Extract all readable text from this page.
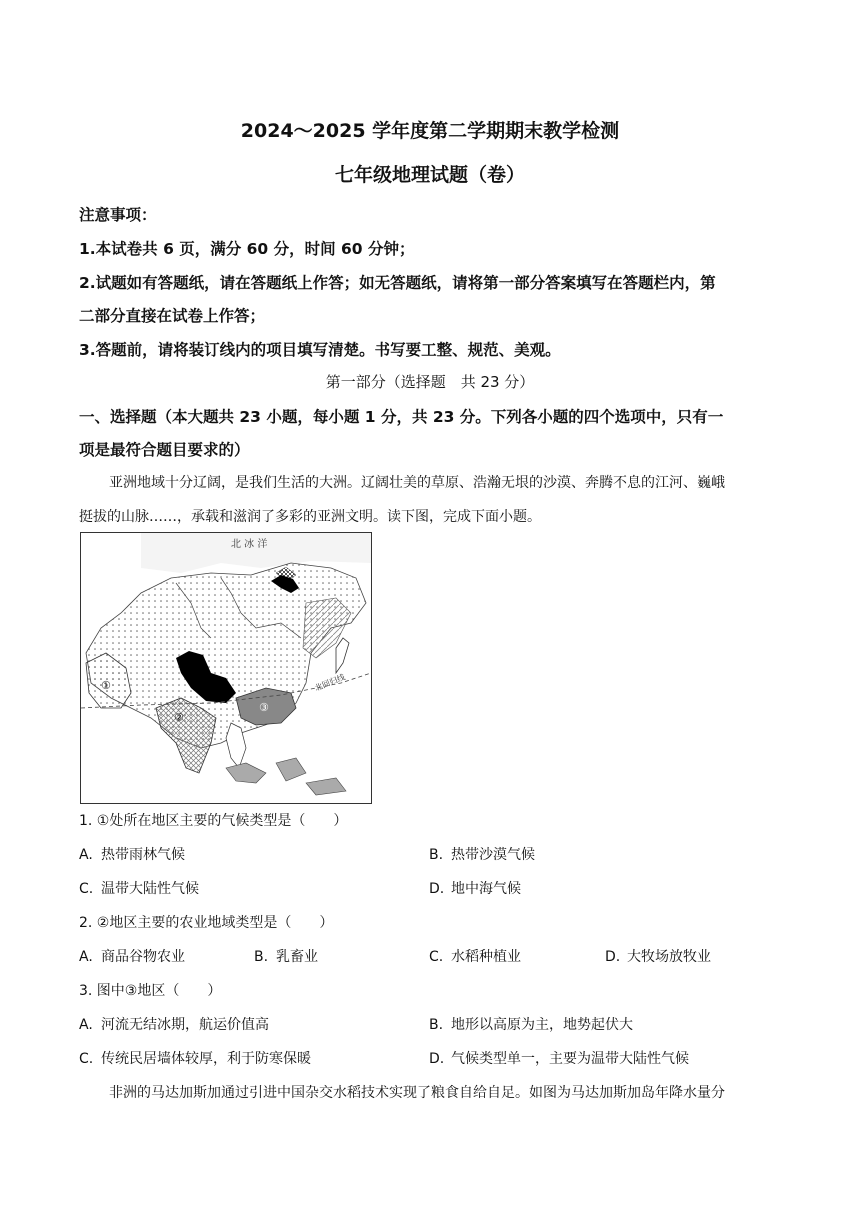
2024～2025 学年度第二学期期末教学检测
七年级地理试题（卷）
注意事项：
1.本试卷共 6 页，满分 60 分，时间 60 分钟；
2.试题如有答题纸，请在答题纸上作答；如无答题纸，请将第一部分答案填写在答题栏内，第
二部分直接在试卷上作答；
3.答题前，请将装订线内的项目填写清楚。书写要工整、规范、美观。
第一部分（选择题　共 23 分）
一、选择题（本大题共 23 小题，每小题 1 分，共 23 分。下列各小题的四个选项中，只有一
项是最符合题目要求的）
亚洲地域十分辽阔，是我们生活的大洲。辽阔壮美的草原、浩瀚无垠的沙漠、奔腾不息的江河、巍峨
挺拔的山脉……，承载和滋润了多彩的亚洲文明。读下图，完成下面小题。
北 冰 洋
北回归线
①
②
③
1. ①处所在地区主要的气候类型是（　　）
A. 热带雨林气候	B. 热带沙漠气候
C. 温带大陆性气候	D. 地中海气候
2. ②地区主要的农业地域类型是（　　）
A. 商品谷物农业	B. 乳畜业	C. 水稻种植业	D. 大牧场放牧业
3. 图中③地区（　　）
A. 河流无结冰期，航运价值高	B. 地形以高原为主，地势起伏大
C. 传统民居墙体较厚，利于防寒保暖	D. 气候类型单一，主要为温带大陆性气候
非洲的马达加斯加通过引进中国杂交水稻技术实现了粮食自给自足。如图为马达加斯加岛年降水量分
